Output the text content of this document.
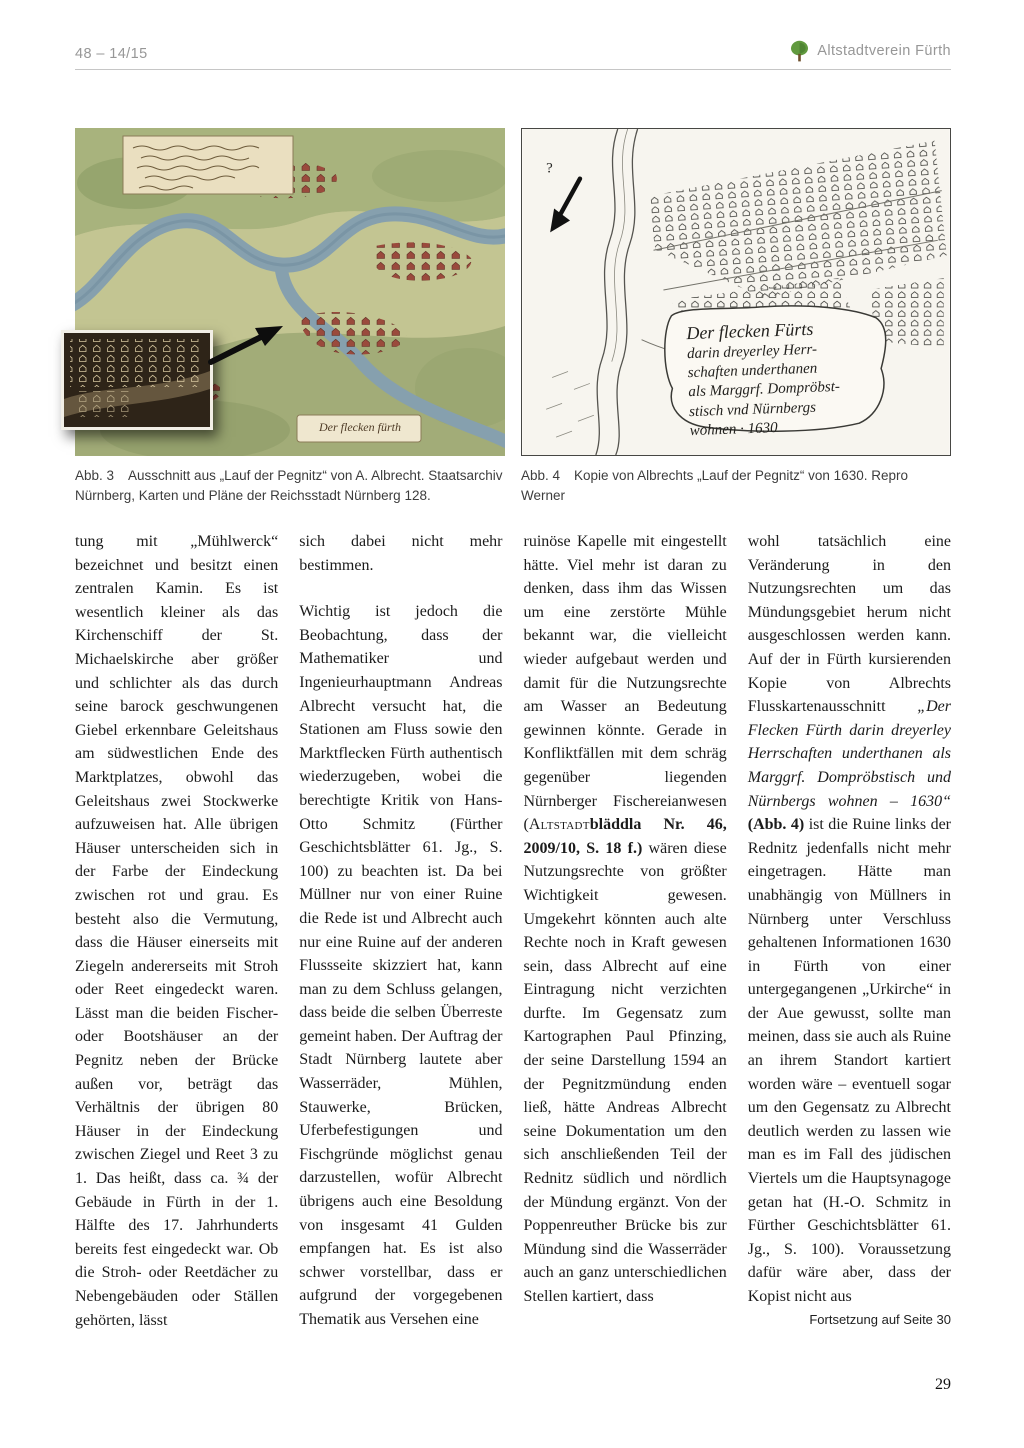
48 – 14/15	Altstadtverein Fürth
Der flecken fürth
Abb. 3 Ausschnitt aus „Lauf der Pegnitz“ von A. Albrecht. Staatsarchiv Nürnberg, Karten und Pläne der Reichsstadt Nürnberg 128.
?
Der flecken Fürts
darin dreyerley Herr-
schaften underthanen
als Marggrf. Dompröbst-
stisch vnd Nürnbergs
wohnen · 1630
Abb. 4 Kopie von Albrechts „Lauf der Pegnitz“ von 1630. Repro Werner

tung mit „Mühlwerck“ bezeichnet und besitzt einen zentralen Kamin. Es ist wesentlich kleiner als das Kirchenschiff der St. Michaelskirche aber größer und schlichter als das durch seine barock geschwungenen Giebel erkennbare Geleitshaus am südwestlichen Ende des Marktplatzes, obwohl das Geleitshaus zwei Stockwerke aufzuweisen hat. Alle übrigen Häuser unterscheiden sich in der Farbe der Eindeckung zwischen rot und grau. Es besteht also die Vermutung, dass die Häuser einerseits mit Ziegeln andererseits mit Stroh oder Reet eingedeckt waren. Lässt man die beiden Fischer- oder Bootshäuser an der Pegnitz neben der Brücke außen vor, beträgt das Verhältnis der übrigen 80 Häuser in der Eindeckung zwischen Ziegel und Reet 3 zu 1. Das heißt, dass ca. ¾ der Gebäude in Fürth in der 1. Hälfte des 17. Jahrhunderts bereits fest eingedeckt war. Ob die Stroh- oder Reetdächer zu Nebengebäuden oder Ställen gehörten, lässt

sich dabei nicht mehr bestimmen.

Wichtig ist jedoch die Beobachtung, dass der Mathematiker und Ingenieurhauptmann Andreas Albrecht versucht hat, die Stationen am Fluss sowie den Marktflecken Fürth authentisch wiederzugeben, wobei die berechtigte Kritik von Hans-Otto Schmitz (Fürther Geschichtsblätter 61. Jg., S. 100) zu beachten ist. Da bei Müllner nur von einer Ruine die Rede ist und Albrecht auch nur eine Ruine auf der anderen Flussseite skizziert hat, kann man zu dem Schluss gelangen, dass beide die selben Überreste gemeint haben. Der Auftrag der Stadt Nürnberg lautete aber Wasserräder, Mühlen, Stauwerke, Brücken, Uferbefestigungen und Fischgründe möglichst genau darzustellen, wofür Albrecht übrigens auch eine Besoldung von insgesamt 41 Gulden empfangen hat. Es ist also schwer vorstellbar, dass er aufgrund der vorgegebenen Thematik aus Versehen eine

ruinöse Kapelle mit eingestellt hätte. Viel mehr ist daran zu denken, dass ihm das Wissen um eine zerstörte Mühle bekannt war, die vielleicht wieder aufgebaut werden und damit für die Nutzungsrechte am Wasser an Bedeutung gewinnen könnte. Gerade in Konfliktfällen mit dem schräg gegenüber liegenden Nürnberger Fischereianwesen (Altstadtbläddla Nr. 46, 2009/10, S. 18 f.) wären diese Nutzungsrechte von größter Wichtigkeit gewesen. Umgekehrt könnten auch alte Rechte noch in Kraft gewesen sein, dass Albrecht auf eine Eintragung nicht verzichten durfte. Im Gegensatz zum Kartographen Paul Pfinzing, der seine Darstellung 1594 an der Pegnitzmündung enden ließ, hätte Andreas Albrecht seine Dokumentation um den sich anschließenden Teil der Rednitz südlich und nördlich der Mündung ergänzt. Von der Poppenreuther Brücke bis zur Mündung sind die Wasserräder auch an ganz unterschiedlichen Stellen kartiert, dass

wohl tatsächlich eine Veränderung in den Nutzungsrechten um das Mündungsgebiet herum nicht ausgeschlossen werden kann. Auf der in Fürth kursierenden Kopie von Albrechts Flusskartenausschnitt „Der Flecken Fürth darin dreyerley Herrschaften underthanen als Marggrf. Dompröbstisch und Nürnbergs wohnen – 1630“ (Abb. 4) ist die Ruine links der Rednitz jedenfalls nicht mehr eingetragen. Hätte man unabhängig von Müllners in Nürnberg unter Verschluss gehaltenen Informationen 1630 in Fürth von einer untergegangenen „Urkirche“ in der Aue gewusst, sollte man meinen, dass sie auch als Ruine an ihrem Standort kartiert worden wäre – eventuell sogar um den Gegensatz zu Albrecht deutlich werden zu lassen wie man es im Fall des jüdischen Viertels um die Hauptsynagoge getan hat (H.-O. Schmitz in Fürther Geschichtsblätter 61. Jg., S. 100). Voraussetzung dafür wäre aber, dass der Kopist nicht aus

Fortsetzung auf Seite 30
29
